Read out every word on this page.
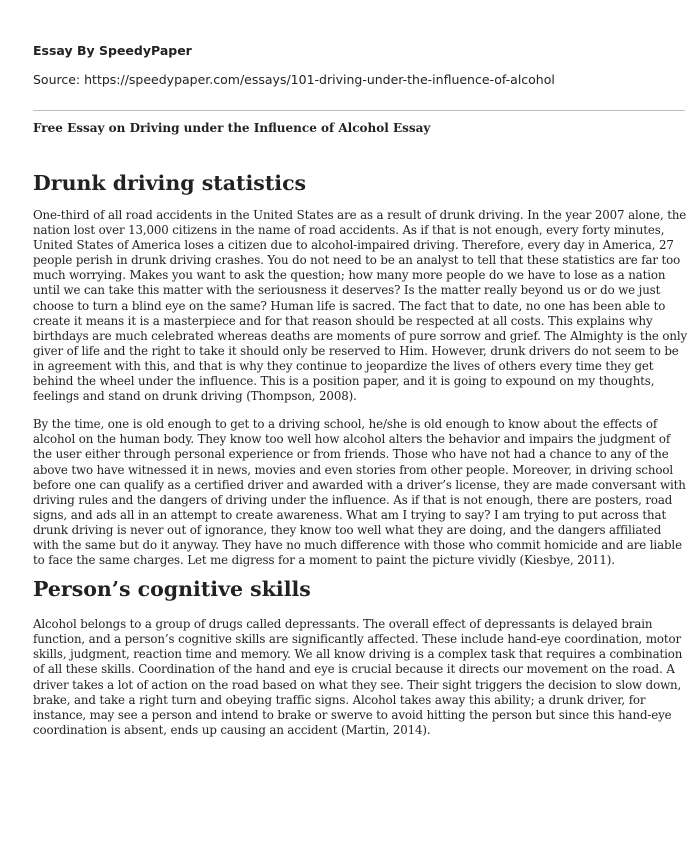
Essay By SpeedyPaper
Source: https://speedypaper.com/essays/101-driving-under-the-influence-of-alcohol
Free Essay on Driving under the Influence of Alcohol Essay
Drunk driving statistics

One-third of all road accidents in the United States are as a result of drunk driving. In the year 2007 alone, the nation lost over 13,000 citizens in the name of road accidents. As if that is not enough, every forty minutes, United States of America loses a citizen due to alcohol-impaired driving. Therefore, every day in America, 27 people perish in drunk driving crashes. You do not need to be an analyst to tell that these statistics are far too much worrying. Makes you want to ask the question; how many more people do we have to lose as a nation until we can take this matter with the seriousness it deserves? Is the matter really beyond us or do we just choose to turn a blind eye on the same? Human life is sacred. The fact that to date, no one has been able to create it means it is a masterpiece and for that reason should be respected at all costs. This explains why birthdays are much celebrated whereas deaths are moments of pure sorrow and grief. The Almighty is the only giver of life and the right to take it should only be reserved to Him. However, drunk drivers do not seem to be in agreement with this, and that is why they continue to jeopardize the lives of others every time they get behind the wheel under the influence. This is a position paper, and it is going to expound on my thoughts, feelings and stand on drunk driving (Thompson, 2008).

By the time, one is old enough to get to a driving school, he/she is old enough to know about the effects of alcohol on the human body. They know too well how alcohol alters the behavior and impairs the judgment of the user either through personal experience or from friends. Those who have not had a chance to any of the above two have witnessed it in news, movies and even stories from other people. Moreover, in driving school before one can qualify as a certified driver and awarded with a driver’s license, they are made conversant with driving rules and the dangers of driving under the influence. As if that is not enough, there are posters, road signs, and ads all in an attempt to create awareness. What am I trying to say? I am trying to put across that drunk driving is never out of ignorance, they know too well what they are doing, and the dangers affiliated with the same but do it anyway. They have no much difference with those who commit homicide and are liable to face the same charges. Let me digress for a moment to paint the picture vividly (Kiesbye, 2011).

Person’s cognitive skills

Alcohol belongs to a group of drugs called depressants. The overall effect of depressants is delayed brain function, and a person’s cognitive skills are significantly affected. These include hand-eye coordination, motor skills, judgment, reaction time and memory. We all know driving is a complex task that requires a combination of all these skills. Coordination of the hand and eye is crucial because it directs our movement on the road. A driver takes a lot of action on the road based on what they see. Their sight triggers the decision to slow down, brake, and take a right turn and obeying traffic signs. Alcohol takes away this ability; a drunk driver, for instance, may see a person and intend to brake or swerve to avoid hitting the person but since this hand-eye coordination is absent, ends up causing an accident (Martin, 2014).
